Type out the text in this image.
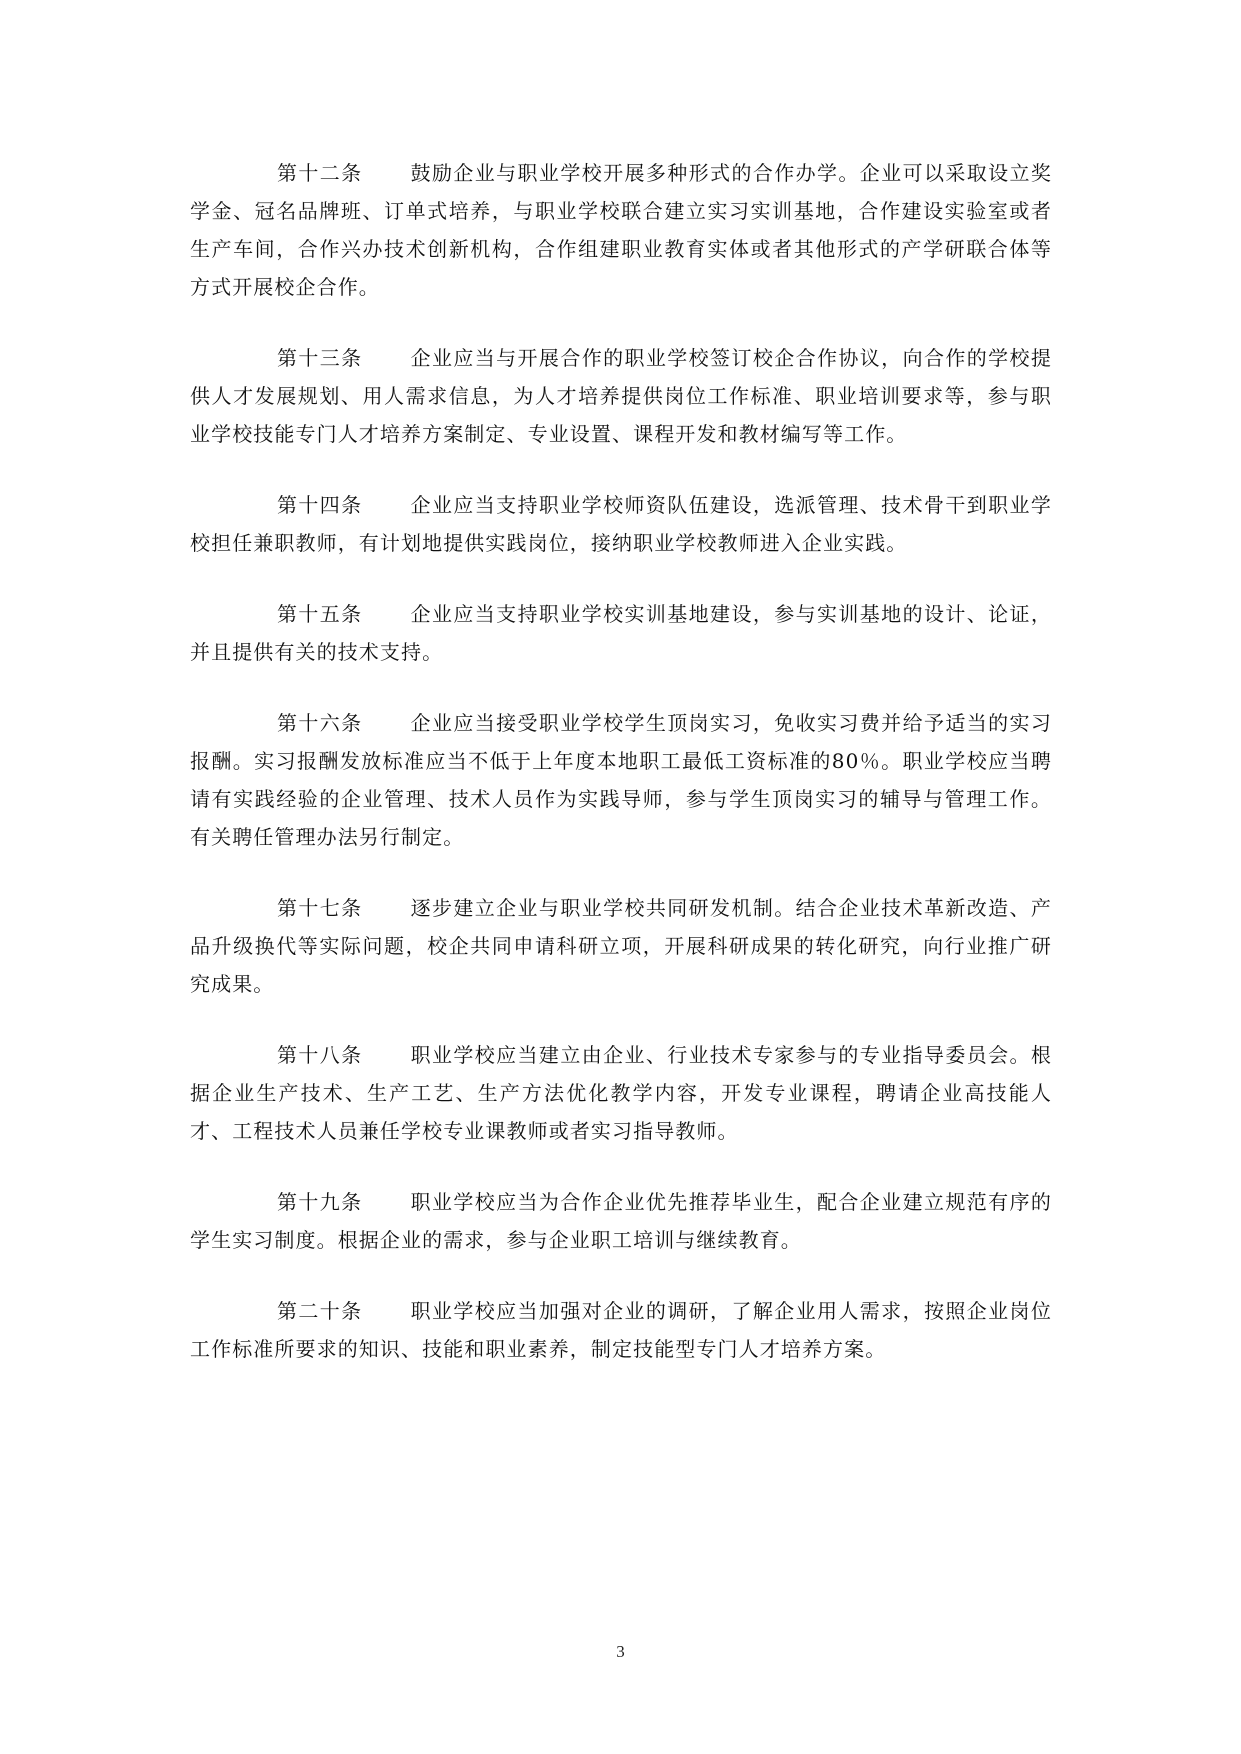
第十二条 鼓励企业与职业学校开展多种形式的合作办学。企业可以采取设立奖学金、冠名品牌班、订单式培养，与职业学校联合建立实习实训基地，合作建设实验室或者生产车间，合作兴办技术创新机构，合作组建职业教育实体或者其他形式的产学研联合体等方式开展校企合作。

第十三条 企业应当与开展合作的职业学校签订校企合作协议，向合作的学校提供人才发展规划、用人需求信息，为人才培养提供岗位工作标准、职业培训要求等，参与职业学校技能专门人才培养方案制定、专业设置、课程开发和教材编写等工作。

第十四条 企业应当支持职业学校师资队伍建设，选派管理、技术骨干到职业学校担任兼职教师，有计划地提供实践岗位，接纳职业学校教师进入企业实践。

第十五条 企业应当支持职业学校实训基地建设，参与实训基地的设计、论证，并且提供有关的技术支持。

第十六条 企业应当接受职业学校学生顶岗实习，免收实习费并给予适当的实习报酬。实习报酬发放标准应当不低于上年度本地职工最低工资标准的80％。职业学校应当聘请有实践经验的企业管理、技术人员作为实践导师，参与学生顶岗实习的辅导与管理工作。有关聘任管理办法另行制定。

第十七条 逐步建立企业与职业学校共同研发机制。结合企业技术革新改造、产品升级换代等实际问题，校企共同申请科研立项，开展科研成果的转化研究，向行业推广研究成果。

第十八条 职业学校应当建立由企业、行业技术专家参与的专业指导委员会。根据企业生产技术、生产工艺、生产方法优化教学内容，开发专业课程，聘请企业高技能人才、工程技术人员兼任学校专业课教师或者实习指导教师。

第十九条 职业学校应当为合作企业优先推荐毕业生，配合企业建立规范有序的学生实习制度。根据企业的需求，参与企业职工培训与继续教育。

第二十条 职业学校应当加强对企业的调研，了解企业用人需求，按照企业岗位工作标准所要求的知识、技能和职业素养，制定技能型专门人才培养方案。

3
